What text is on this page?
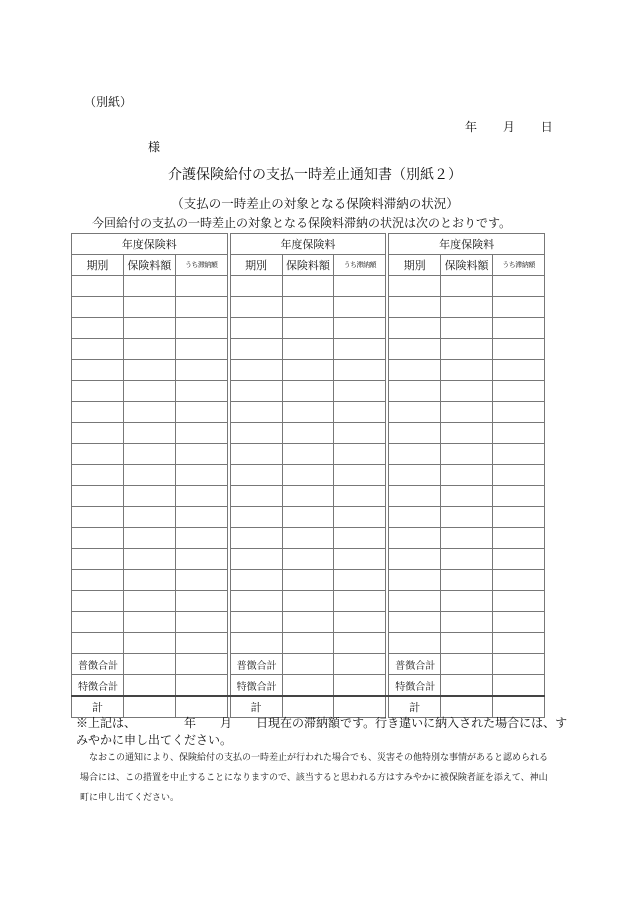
（別紙）
年 月 日
様
介護保険給付の支払一時差止通知書（別紙２）
（支払の一時差止の対象となる保険料滞納の状況）
今回給付の支払の一時差止の対象となる保険料滞納の状況は次のとおりです。
年度保険料				年度保険料				年度保険料		
期別	保険料額	うち滞納額		期別	保険料額	うち滞納額		期別	保険料額	うち滞納額

普徴合計				普徴合計				普徴合計		
特徴合計				特徴合計				特徴合計		
計				計				計		
※上記は、	年 月 日現在の滞納額です。行き違いに納入された場合には、す
みやかに申し出てください。
　なおこの通知により、保険給付の支払の一時差止が行われた場合でも、災害その他特別な事情があると認められる場合には、この措置を中止することになりますので、該当すると思われる方はすみやかに被保険者証を添えて、神山町に申し出てください。
